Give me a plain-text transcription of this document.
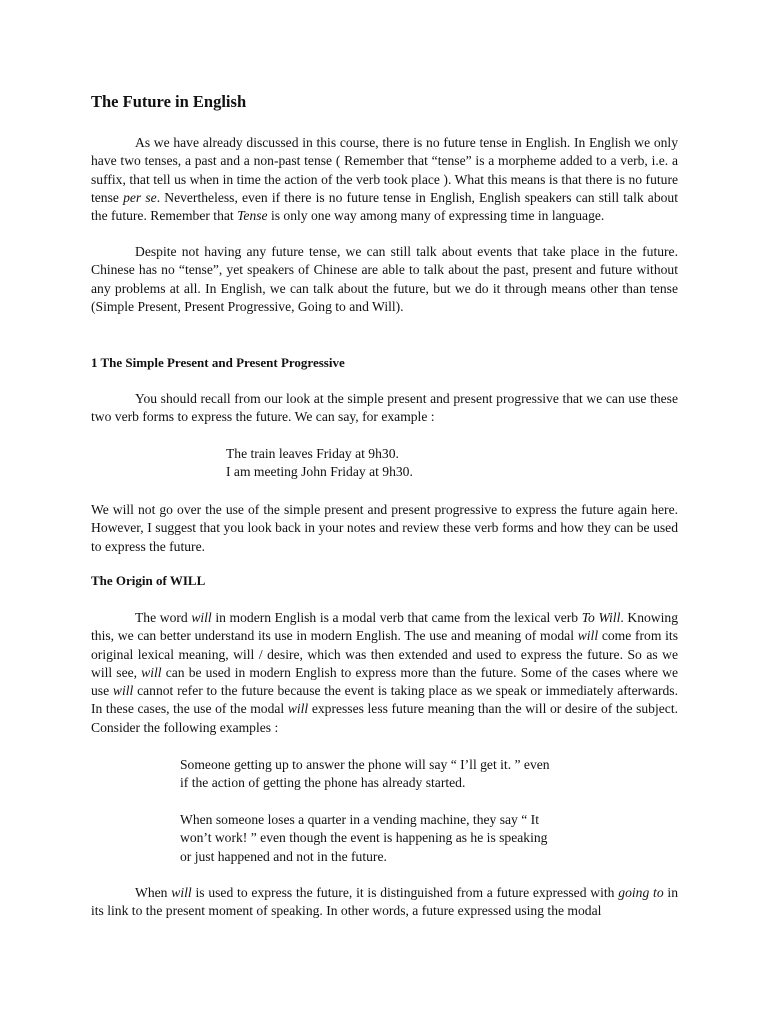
The Future in English

As we have already discussed in this course, there is no future tense in English. In English we only have two tenses, a past and a non-past tense ( Remember that “tense” is a morpheme added to a verb, i.e. a suffix, that tell us when in time the action of the verb took place ). What this means is that there is no future tense per se. Nevertheless, even if there is no future tense in English, English speakers can still talk about the future. Remember that Tense is only one way among many of expressing time in language.

Despite not having any future tense, we can still talk about events that take place in the future. Chinese has no “tense”, yet speakers of Chinese are able to talk about the past, present and future without any problems at all. In English, we can talk about the future, but we do it through means other than tense (Simple Present, Present Progressive, Going to and Will).

1 The Simple Present and Present Progressive

You should recall from our look at the simple present and present progressive that we can use these two verb forms to express the future. We can say, for example :

The train leaves Friday at 9h30.
I am meeting John Friday at 9h30.

We will not go over the use of the simple present and present progressive to express the future again here. However, I suggest that you look back in your notes and review these verb forms and how they can be used to express the future.

The Origin of WILL

The word will in modern English is a modal verb that came from the lexical verb To Will. Knowing this, we can better understand its use in modern English. The use and meaning of modal will come from its original lexical meaning, will / desire, which was then extended and used to express the future. So as we will see, will can be used in modern English to express more than the future. Some of the cases where we use will cannot refer to the future because the event is taking place as we speak or immediately afterwards. In these cases, the use of the modal will expresses less future meaning than the will or desire of the subject. Consider the following examples :

Someone getting up to answer the phone will say “ I’ll get it. ” even
if the action of getting the phone has already started.
When someone loses a quarter in a vending machine, they say “ It
won’t work! ” even though the event is happening as he is speaking
or just happened and not in the future.

When will is used to express the future, it is distinguished from a future expressed with going to in its link to the present moment of speaking. In other words, a future expressed using the modal
